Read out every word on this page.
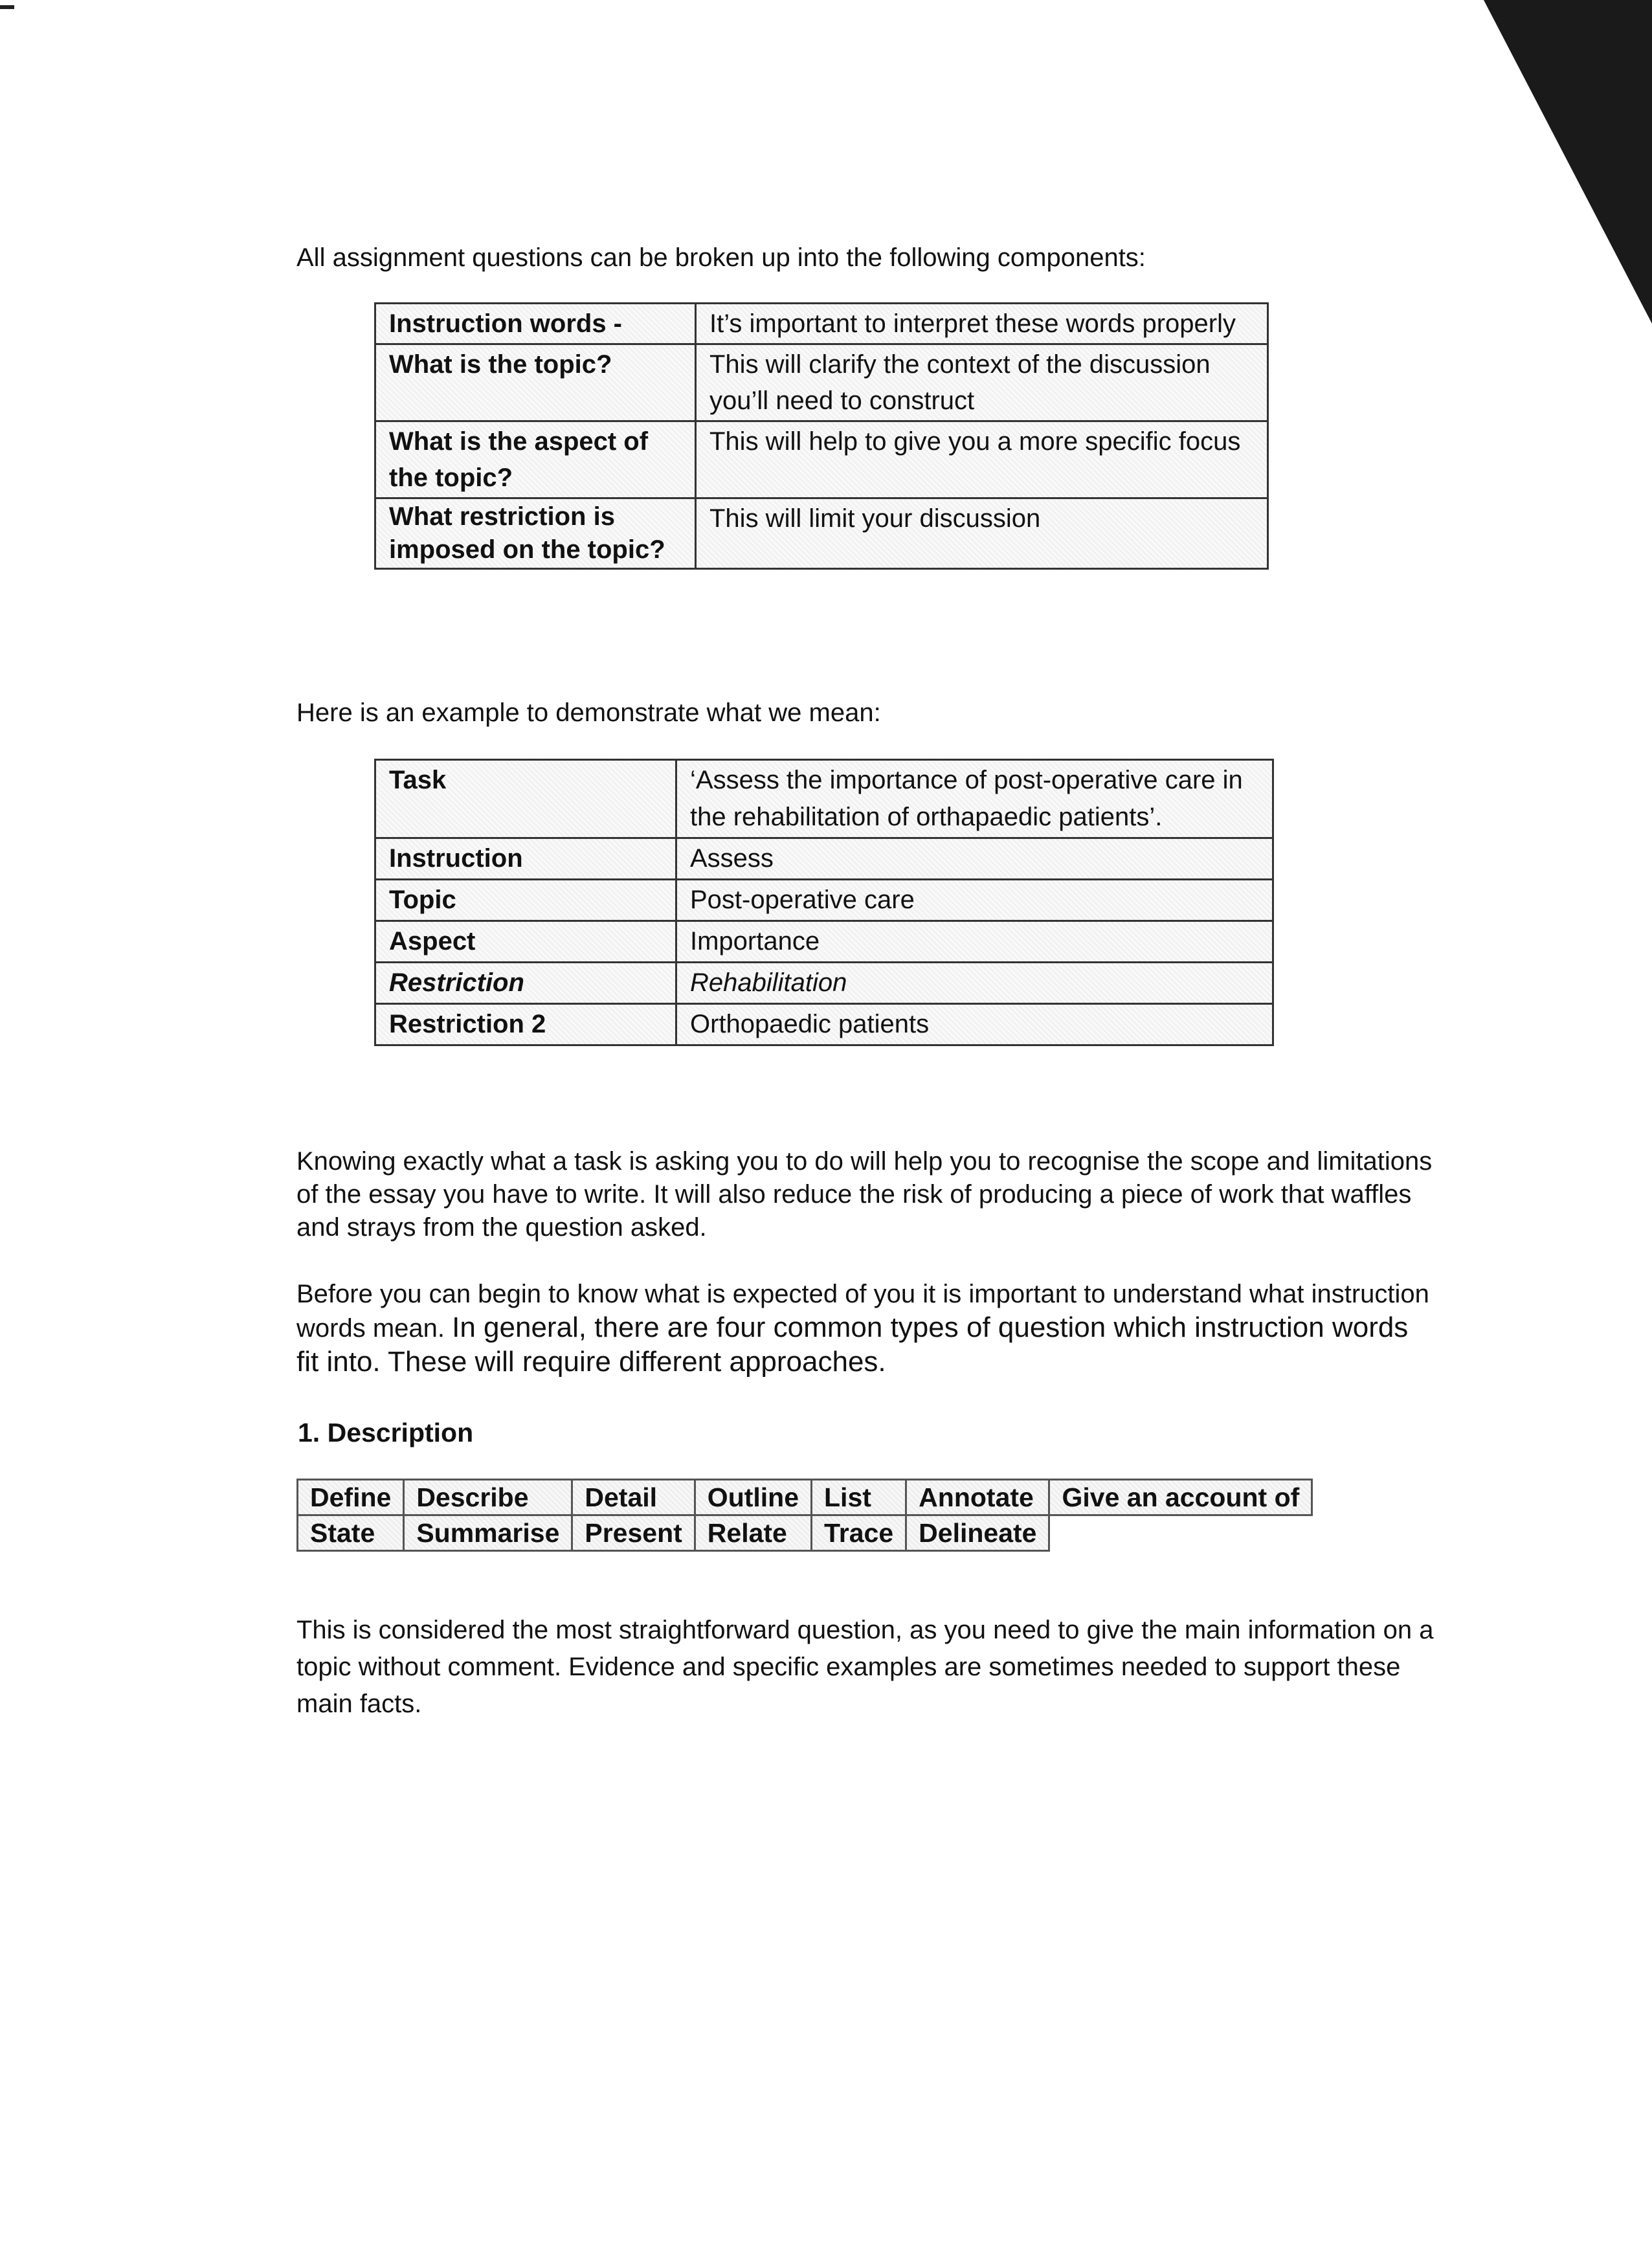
All assignment questions can be broken up into the following components:

Instruction words -	It’s important to interpret these words properly
What is the topic?	This will clarify the context of the discussion you’ll need to construct
What is the aspect of the topic?	This will help to give you a more specific focus
What restriction is imposed on the topic?	This will limit your discussion

Here is an example to demonstrate what we mean:

Task	‘Assess the importance of post-operative care in the rehabilitation of orthapaedic patients’.
Instruction	Assess
Topic	Post-operative care
Aspect	Importance
Restriction	Rehabilitation
Restriction 2	Orthopaedic patients

Knowing exactly what a task is asking you to do will help you to recognise the scope and limitations of the essay you have to write. It will also reduce the risk of producing a piece of work that waffles and strays from the question asked.

Before you can begin to know what is expected of you it is important to understand what instruction words mean. In general, there are four common types of question which instruction words fit into. These will require different approaches.

1. Description

Define	Describe	Detail	Outline	List	Annotate	Give an account of
State	Summarise	Present	Relate	Trace	Delineate	

This is considered the most straightforward question, as you need to give the main information on a topic without comment. Evidence and specific examples are sometimes needed to support these main facts.
